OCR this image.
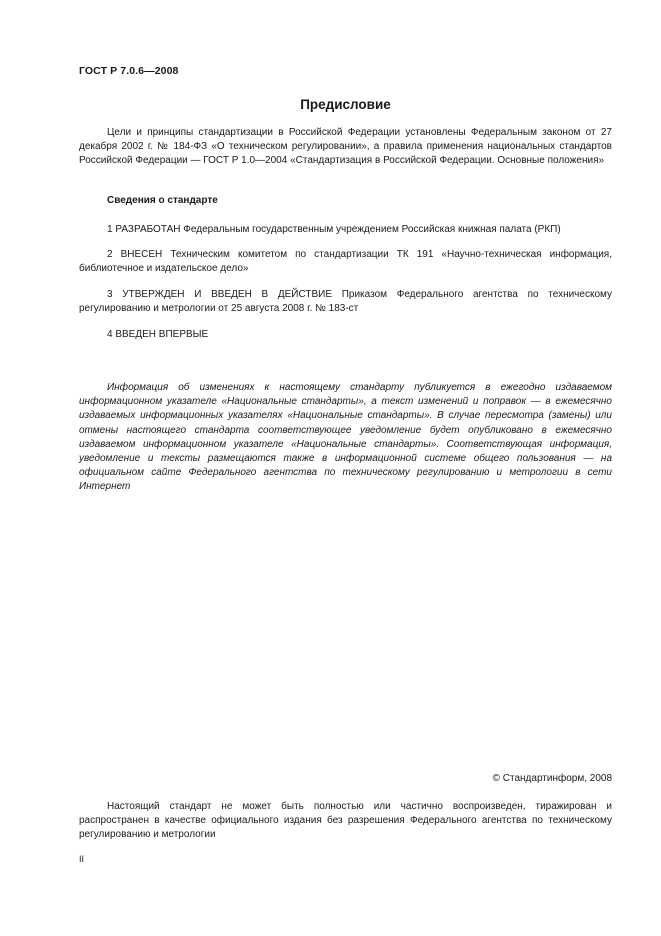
ГОСТ Р 7.0.6—2008
Предисловие
Цели и принципы стандартизации в Российской Федерации установлены Федеральным законом от 27 декабря 2002 г. № 184-ФЗ «О техническом регулировании», а правила применения национальных стандартов Российской Федерации — ГОСТ Р 1.0—2004 «Стандартизация в Российской Федерации. Основные положения»
Сведения о стандарте
1 РАЗРАБОТАН Федеральным государственным учреждением Российская книжная палата (РКП)
2 ВНЕСЕН Техническим комитетом по стандартизации ТК 191 «Научно-техническая информация, библиотечное и издательское дело»
3 УТВЕРЖДЕН И ВВЕДЕН В ДЕЙСТВИЕ Приказом Федерального агентства по техническому регулированию и метрологии от 25 августа 2008 г. № 183-ст
4 ВВЕДЕН ВПЕРВЫЕ
Информация об изменениях к настоящему стандарту публикуется в ежегодно издаваемом информационном указателе «Национальные стандарты», а текст изменений и поправок — в ежемесячно издаваемых информационных указателях «Национальные стандарты». В случае пересмотра (замены) или отмены настоящего стандарта соответствующее уведомление будет опубликовано в ежемесячно издаваемом информационном указателе «Национальные стандарты». Соответствующая информация, уведомление и тексты размещаются также в информационной системе общего пользования — на официальном сайте Федерального агентства по техническому регулированию и метрологии в сети Интернет
© Стандартинформ, 2008
Настоящий стандарт не может быть полностью или частично воспроизведен, тиражирован и распространен в качестве официального издания без разрешения Федерального агентства по техническому регулированию и метрологии
II
